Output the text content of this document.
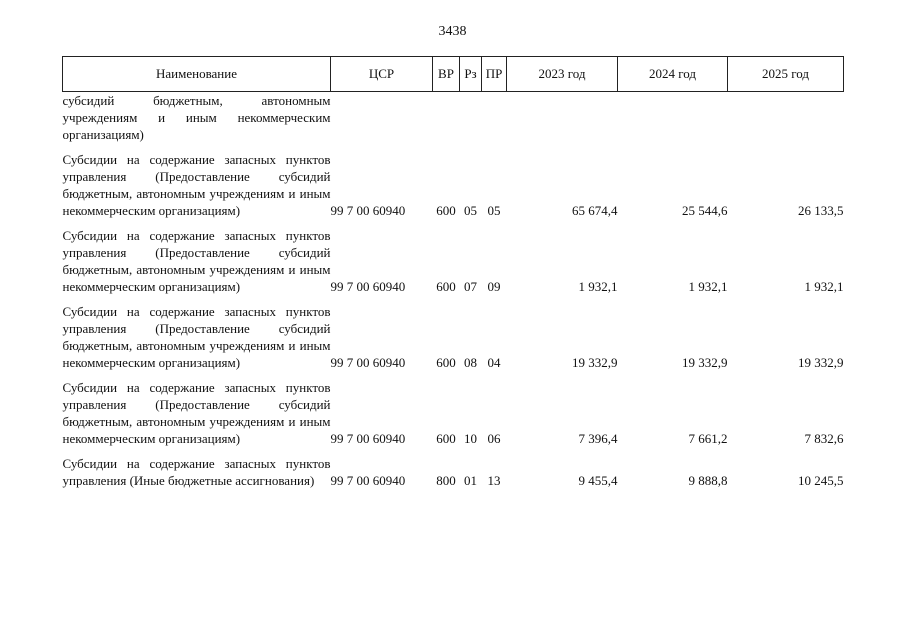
3438
Наименование	ЦСР	ВР	Рз	ПР	2023 год	2024 год	2025 год
субсидий бюджетным, автономным учреждениям и иным некоммерческим организациям)							

Субсидии на содержание запасных пунктов управления (Предоставление субсидий бюджетным, автономным учреждениям и иным некоммерческим организациям)	99 7 00 60940	600	05	05	65 674,4	25 544,6	26 133,5

Субсидии на содержание запасных пунктов управления (Предоставление субсидий бюджетным, автономным учреждениям и иным некоммерческим организациям)	99 7 00 60940	600	07	09	1 932,1	1 932,1	1 932,1

Субсидии на содержание запасных пунктов управления (Предоставление субсидий бюджетным, автономным учреждениям и иным некоммерческим организациям)	99 7 00 60940	600	08	04	19 332,9	19 332,9	19 332,9

Субсидии на содержание запасных пунктов управления (Предоставление субсидий бюджетным, автономным учреждениям и иным некоммерческим организациям)	99 7 00 60940	600	10	06	7 396,4	7 661,2	7 832,6

Субсидии на содержание запасных пунктов управления (Иные бюджетные ассигнования)	99 7 00 60940	800	01	13	9 455,4	9 888,8	10 245,5
